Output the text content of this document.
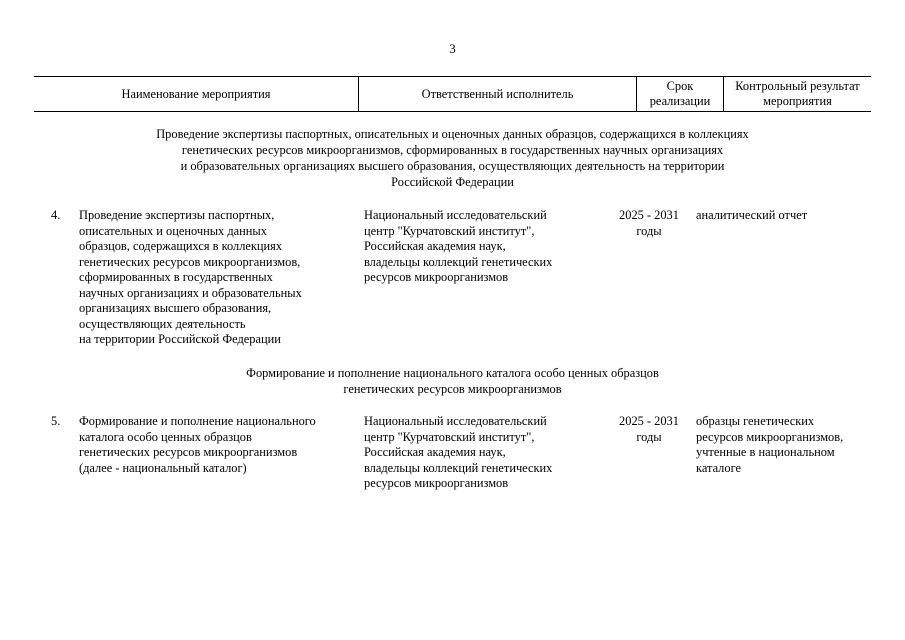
3
Наименование мероприятия	Ответственный исполнитель
Срок
реализации
Контрольный результат
мероприятия
Проведение экспертизы паспортных, описательных и оценочных данных образцов, содержащихся в коллекциях
генетических ресурсов микроорганизмов, сформированных в государственных научных организациях
и образовательных организациях высшего образования, осуществляющих деятельность на территории
Российской Федерации
4. Проведение экспертизы паспортных,
описательных и оценочных данных
образцов, содержащихся в коллекциях
генетических ресурсов микроорганизмов,
сформированных в государственных
научных организациях и образовательных
организациях высшего образования,
осуществляющих деятельность
на территории Российской Федерации
Национальный исследовательский
центр "Курчатовский институт",
Российская академия наук,
владельцы коллекций генетических
ресурсов микроорганизмов
2025 - 2031
годы
аналитический отчет
Формирование и пополнение национального каталога особо ценных образцов
генетических ресурсов микроорганизмов
5. Формирование и пополнение национального
каталога особо ценных образцов
генетических ресурсов микроорганизмов
(далее - национальный каталог)
Национальный исследовательский
центр "Курчатовский институт",
Российская академия наук,
владельцы коллекций генетических
ресурсов микроорганизмов
2025 - 2031
годы
образцы генетических
ресурсов микроорганизмов,
учтенные в национальном
каталоге
